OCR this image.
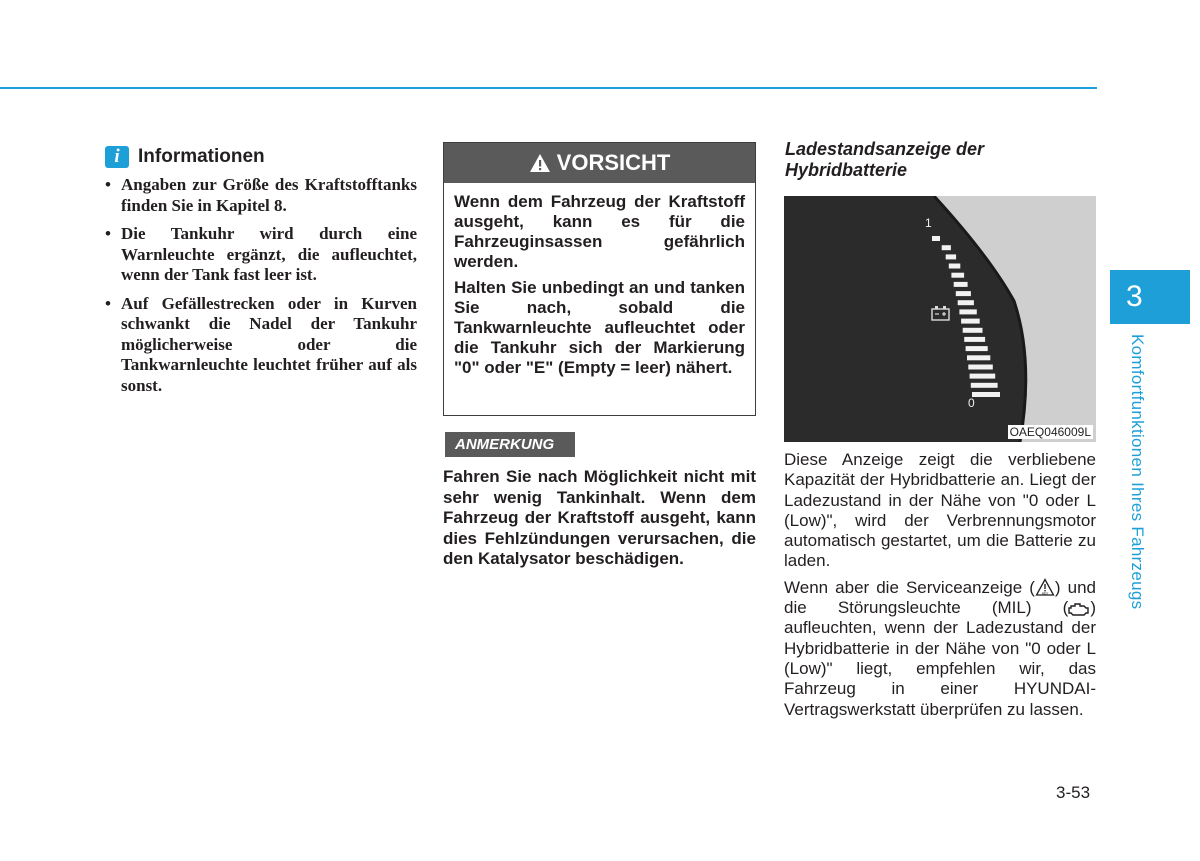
i Informationen
• Angaben zur Größe des Kraftstofftanks finden Sie in Kapitel 8.
• Die Tankuhr wird durch eine Warnleuchte ergänzt, die aufleuchtet, wenn der Tank fast leer ist.
• Auf Gefällestrecken oder in Kurven schwankt die Nadel der Tankuhr möglicherweise oder die Tankwarnleuchte leuchtet früher auf als sonst.
VORSICHT

Wenn dem Fahrzeug der Kraftstoff ausgeht, kann es für die Fahrzeuginsassen gefährlich werden.

Halten Sie unbedingt an und tanken Sie nach, sobald die Tankwarnleuchte aufleuchtet oder die Tankuhr sich der Markierung "0" oder "E" (Empty = leer) nähert.

ANMERKUNG

Fahren Sie nach Möglichkeit nicht mit sehr wenig Tankinhalt. Wenn dem Fahrzeug der Kraftstoff ausgeht, kann dies Fehlzündungen verursachen, die den Katalysator beschädigen.

Ladestandsanzeige der Hybridbatterie
1
0
OAEQ046009L

Diese Anzeige zeigt die verbliebene Kapazität der Hybridbatterie an. Liegt der Ladezustand in der Nähe von "0 oder L (Low)", wird der Verbrennungsmotor automatisch gestartet, um die Batterie zu laden.

Wenn aber die Serviceanzeige ( HEV ) und die Störungsleuchte (MIL) ( ) aufleuchten, wenn der Ladezustand der Hybridbatterie in der Nähe von "0 oder L (Low)" liegt, empfehlen wir, das Fahrzeug in einer HYUNDAI-Vertragswerkstatt überprüfen zu lassen.

3
Komfortfunktionen Ihres Fahrzeugs
3-53
